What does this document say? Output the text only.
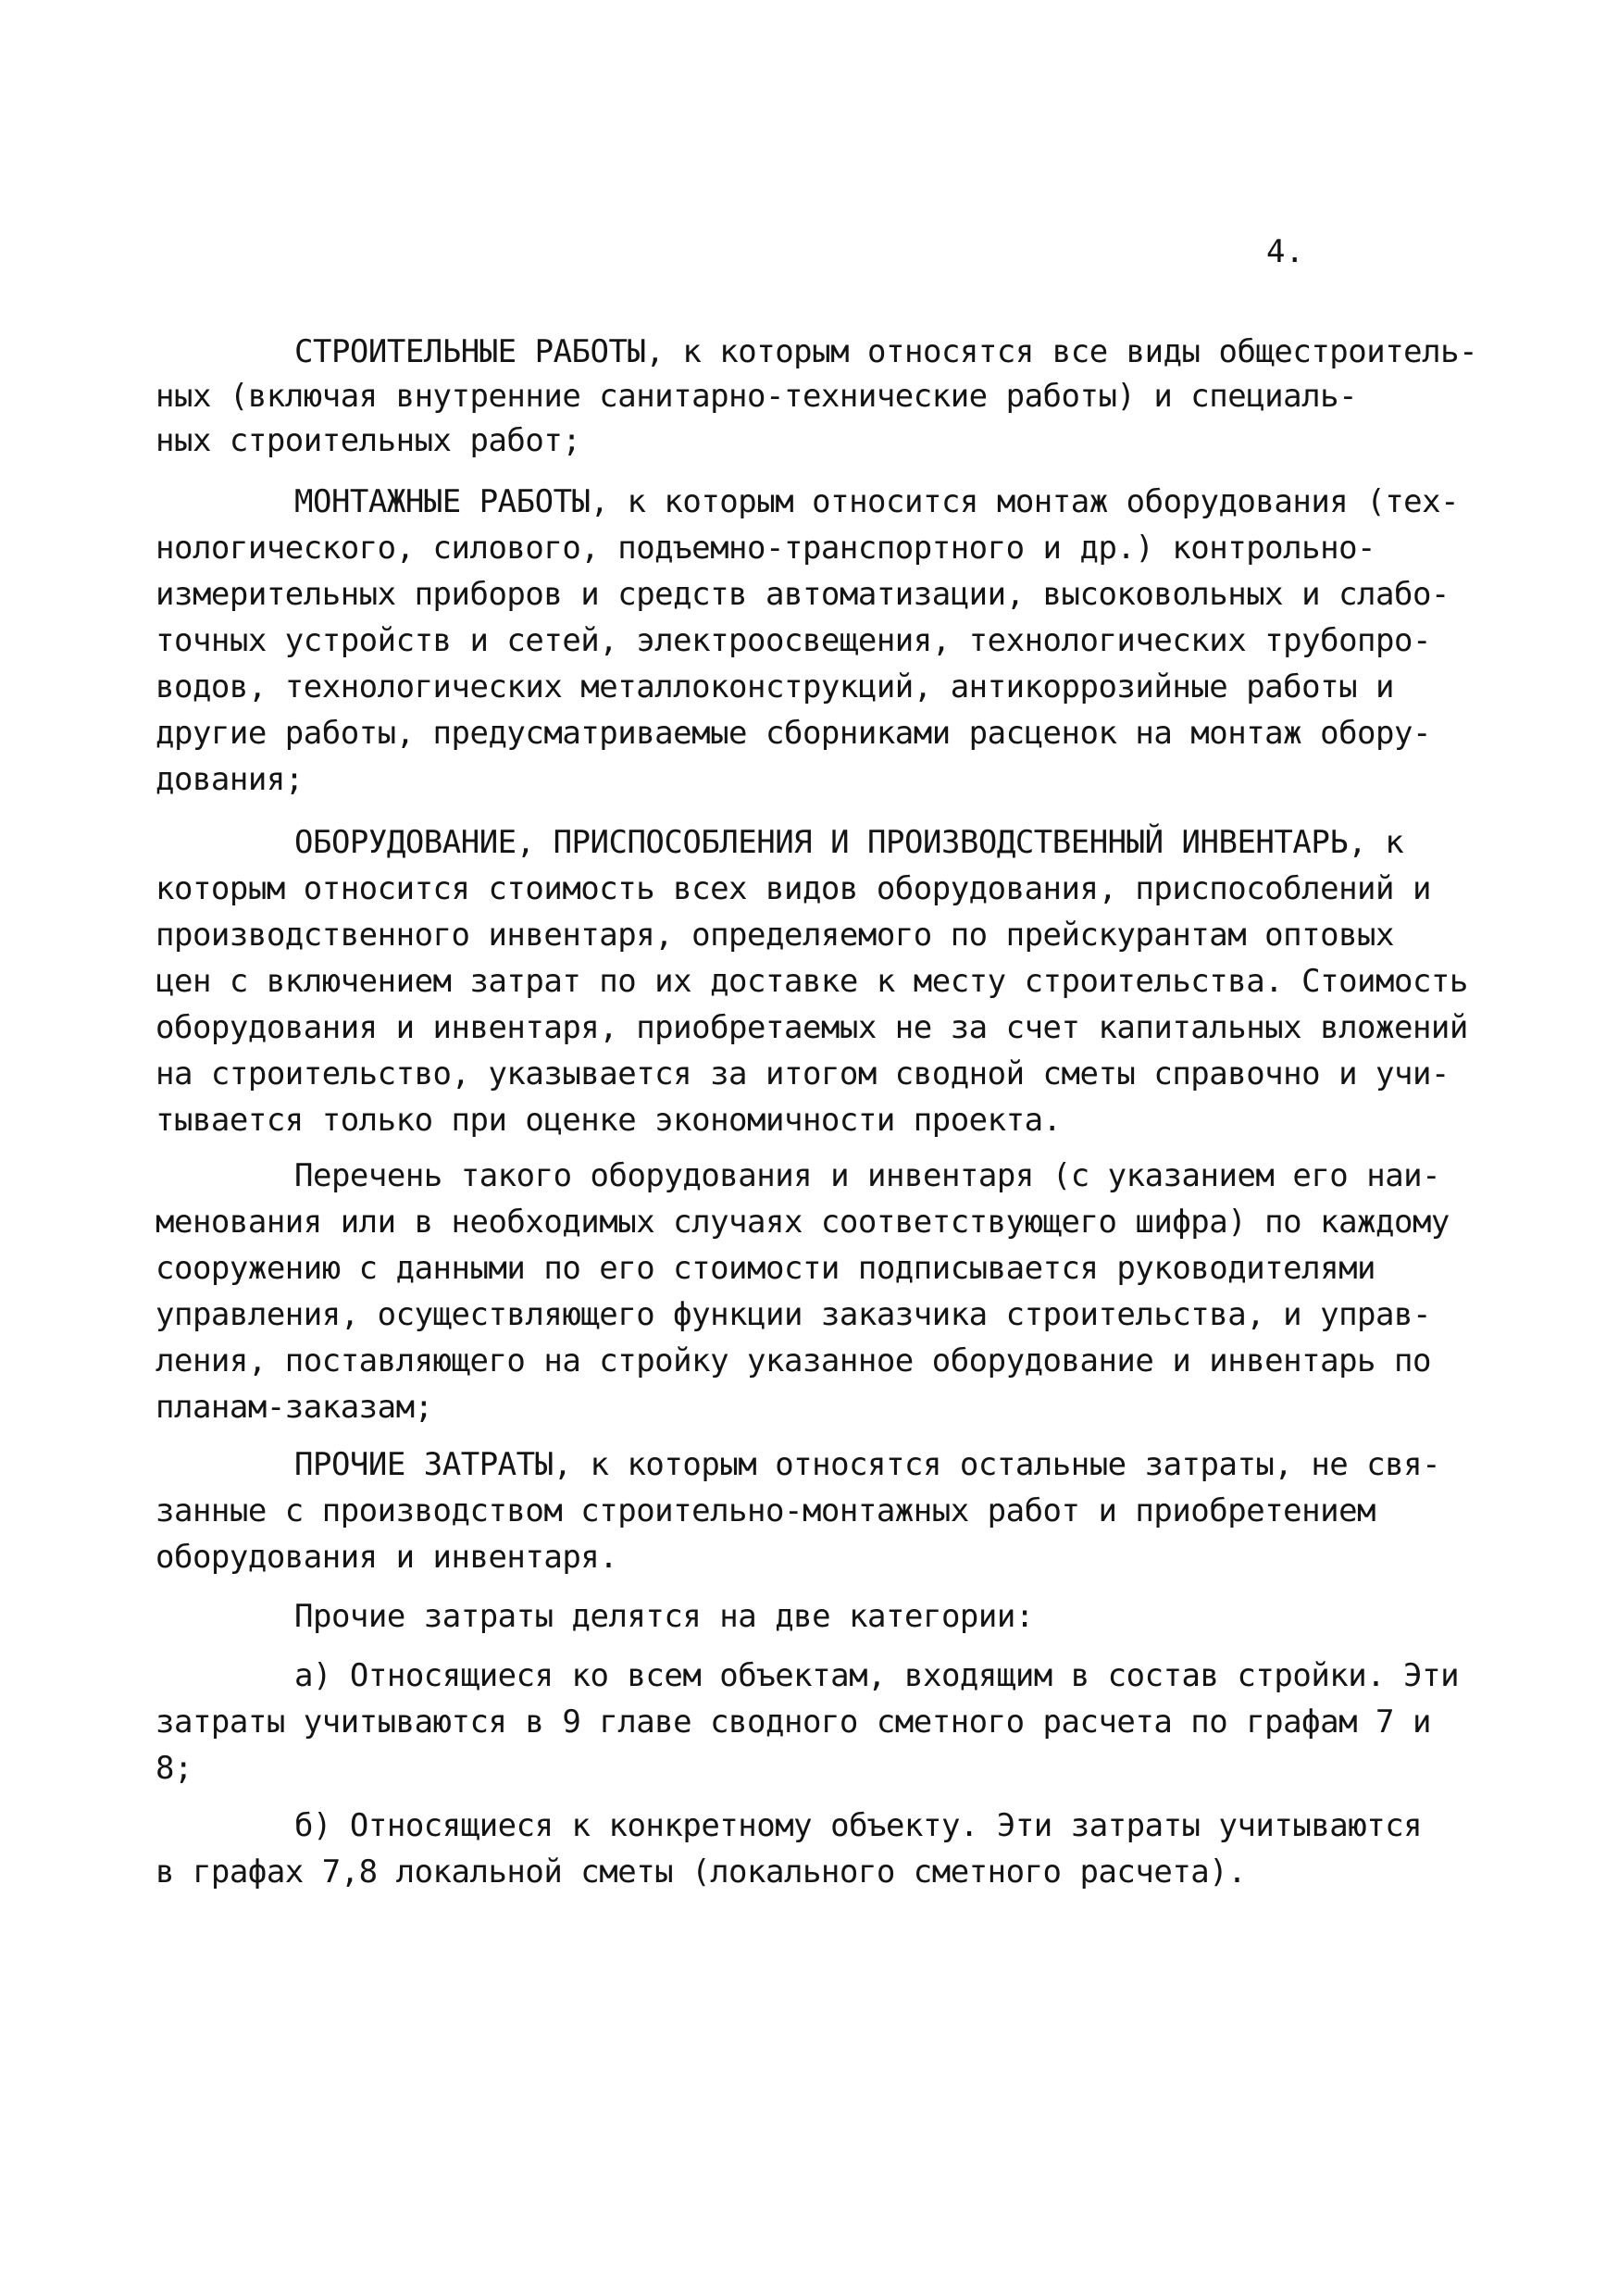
4.
СТРОИТЕЛЬНЫЕ РАБОТЫ, к которым относятся все виды общестроитель-
ных (включая внутренние санитарно-технические работы) и специаль-
ных строительных работ;
МОНТАЖНЫЕ РАБОТЫ, к которым относится монтаж оборудования (тех-
нологического, силового, подъемно-транспортного и др.) контрольно-
измерительных приборов и средств автоматизации, высоковольных и слабо-
точных устройств и сетей, электроосвещения, технологических трубопро-
водов, технологических металлоконструкций, антикоррозийные работы и
другие работы, предусматриваемые сборниками расценок на монтаж обору-
дования;
ОБОРУДОВАНИЕ, ПРИСПОСОБЛЕНИЯ И ПРОИЗВОДСТВЕННЫЙ ИНВЕНТАРЬ, к
которым относится стоимость всех видов оборудования, приспособлений и
производственного инвентаря, определяемого по прейскурантам оптовых
цен с включением затрат по их доставке к месту строительства. Стоимость
оборудования и инвентаря, приобретаемых не за счет капитальных вложений
на строительство, указывается за итогом сводной сметы справочно и учи-
тывается только при оценке экономичности проекта.
Перечень такого оборудования и инвентаря (с указанием его наи-
менования или в необходимых случаях соответствующего шифра) по каждому
сооружению с данными по его стоимости подписывается руководителями
управления, осуществляющего функции заказчика строительства, и управ-
ления, поставляющего на стройку указанное оборудование и инвентарь по
планам-заказам;
ПРОЧИЕ ЗАТРАТЫ, к которым относятся остальные затраты, не свя-
занные с производством строительно-монтажных работ и приобретением
оборудования и инвентаря.
Прочие затраты делятся на две категории:
а) Относящиеся ко всем объектам, входящим в состав стройки. Эти
затраты учитываются в 9 главе сводного сметного расчета по графам 7 и
8;
б) Относящиеся к конкретному объекту. Эти затраты учитываются
в графах 7,8 локальной сметы (локального сметного расчета).
